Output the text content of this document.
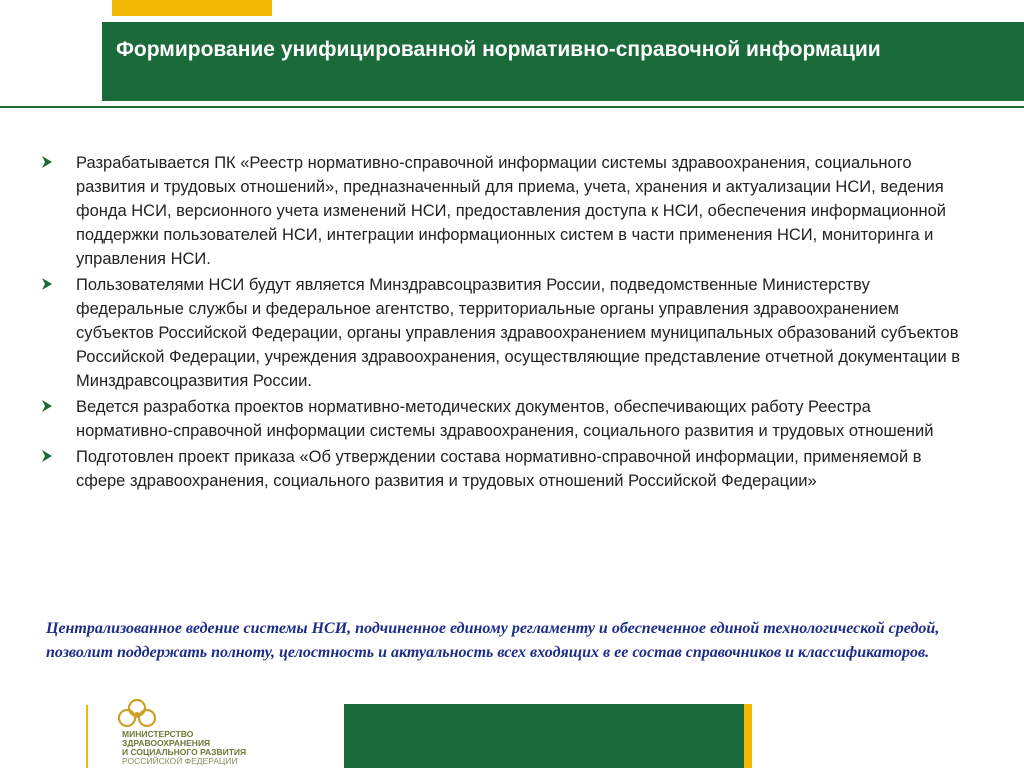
Формирование унифицированной нормативно-справочной информации
Разрабатывается ПК «Реестр нормативно-справочной информации системы здравоохранения, социального развития и трудовых отношений», предназначенный для приема, учета, хранения и актуализации НСИ, ведения фонда НСИ, версионного учета изменений НСИ, предоставления доступа к НСИ, обеспечения информационной поддержки пользователей НСИ, интеграции информационных систем в части применения НСИ, мониторинга и управления НСИ.
Пользователями НСИ будут является Минздравсоцразвития России, подведомственные Министерству федеральные службы и федеральное агентство, территориальные органы управления здравоохранением субъектов Российской Федерации, органы управления здравоохранением муниципальных образований субъектов Российской Федерации, учреждения здравоохранения, осуществляющие представление отчетной документации в Минздравсоцразвития России.
Ведется разработка проектов нормативно-методических документов, обеспечивающих работу Реестра нормативно-справочной информации системы здравоохранения, социального развития и трудовых отношений
Подготовлен проект приказа «Об утверждении состава нормативно-справочной информации, применяемой в сфере здравоохранения, социального развития и трудовых отношений Российской Федерации»
Централизованное ведение системы НСИ, подчиненное единому регламенту и обеспеченное единой технологической средой, позволит поддержать полноту, целостность и актуальность всех входящих в ее состав справочников и классификаторов.
МИНИСТЕРСТВО
ЗДРАВООХРАНЕНИЯ
И СОЦИАЛЬНОГО РАЗВИТИЯ
РОССИЙСКОЙ ФЕДЕРАЦИИ
